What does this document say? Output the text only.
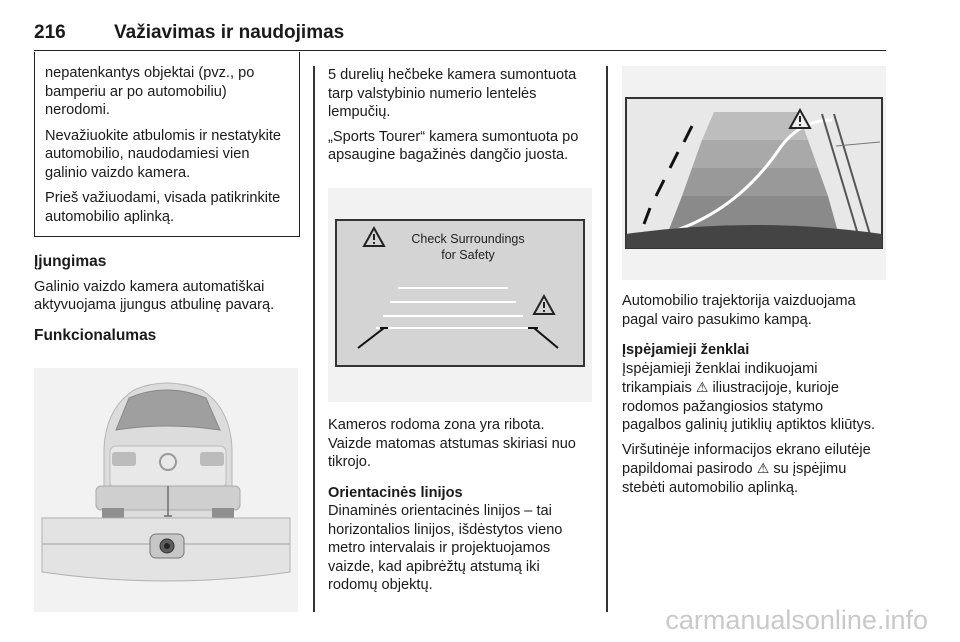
216	Važiavimas ir naudojimas

nepatenkantys objektai (pvz., po bamperiu ar po automobiliu) nerodomi.

Nevažiuokite atbulomis ir nestatykite automobilio, naudodamiesi vien galinio vaizdo kamera.

Prieš važiuodami, visada patikrinkite automobilio aplinką.

Įjungimas

Galinio vaizdo kamera automatiškai aktyvuojama įjungus atbulinę pavarą.

Funkcionalumas

5 durelių hečbeke kamera sumontuota tarp valstybinio numerio lentelės lempučių.

„Sports Tourer“ kamera sumontuota po apsaugine bagažinės dangčio juosta.

Check Surroundings
for Safety

Kameros rodoma zona yra ribota. Vaizde matomas atstumas skiriasi nuo tikrojo.

Orientacinės linijos

Dinaminės orientacinės linijos – tai horizontalios linijos, išdėstytos vieno metro intervalais ir projektuojamos vaizde, kad apibrėžtų atstumą iki rodomų objektų.

Automobilio trajektorija vaizduojama pagal vairo pasukimo kampą.

Įspėjamieji ženklai

Įspėjamieji ženklai indikuojami trikampiais ⚠ iliustracijoje, kurioje rodomos pažangiosios statymo pagalbos galinių jutiklių aptiktos kliūtys.

Viršutinėje informacijos ekrano eilutėje papildomai pasirodo ⚠ su įspėjimu stebėti automobilio aplinką.

carmanualsonline.info
